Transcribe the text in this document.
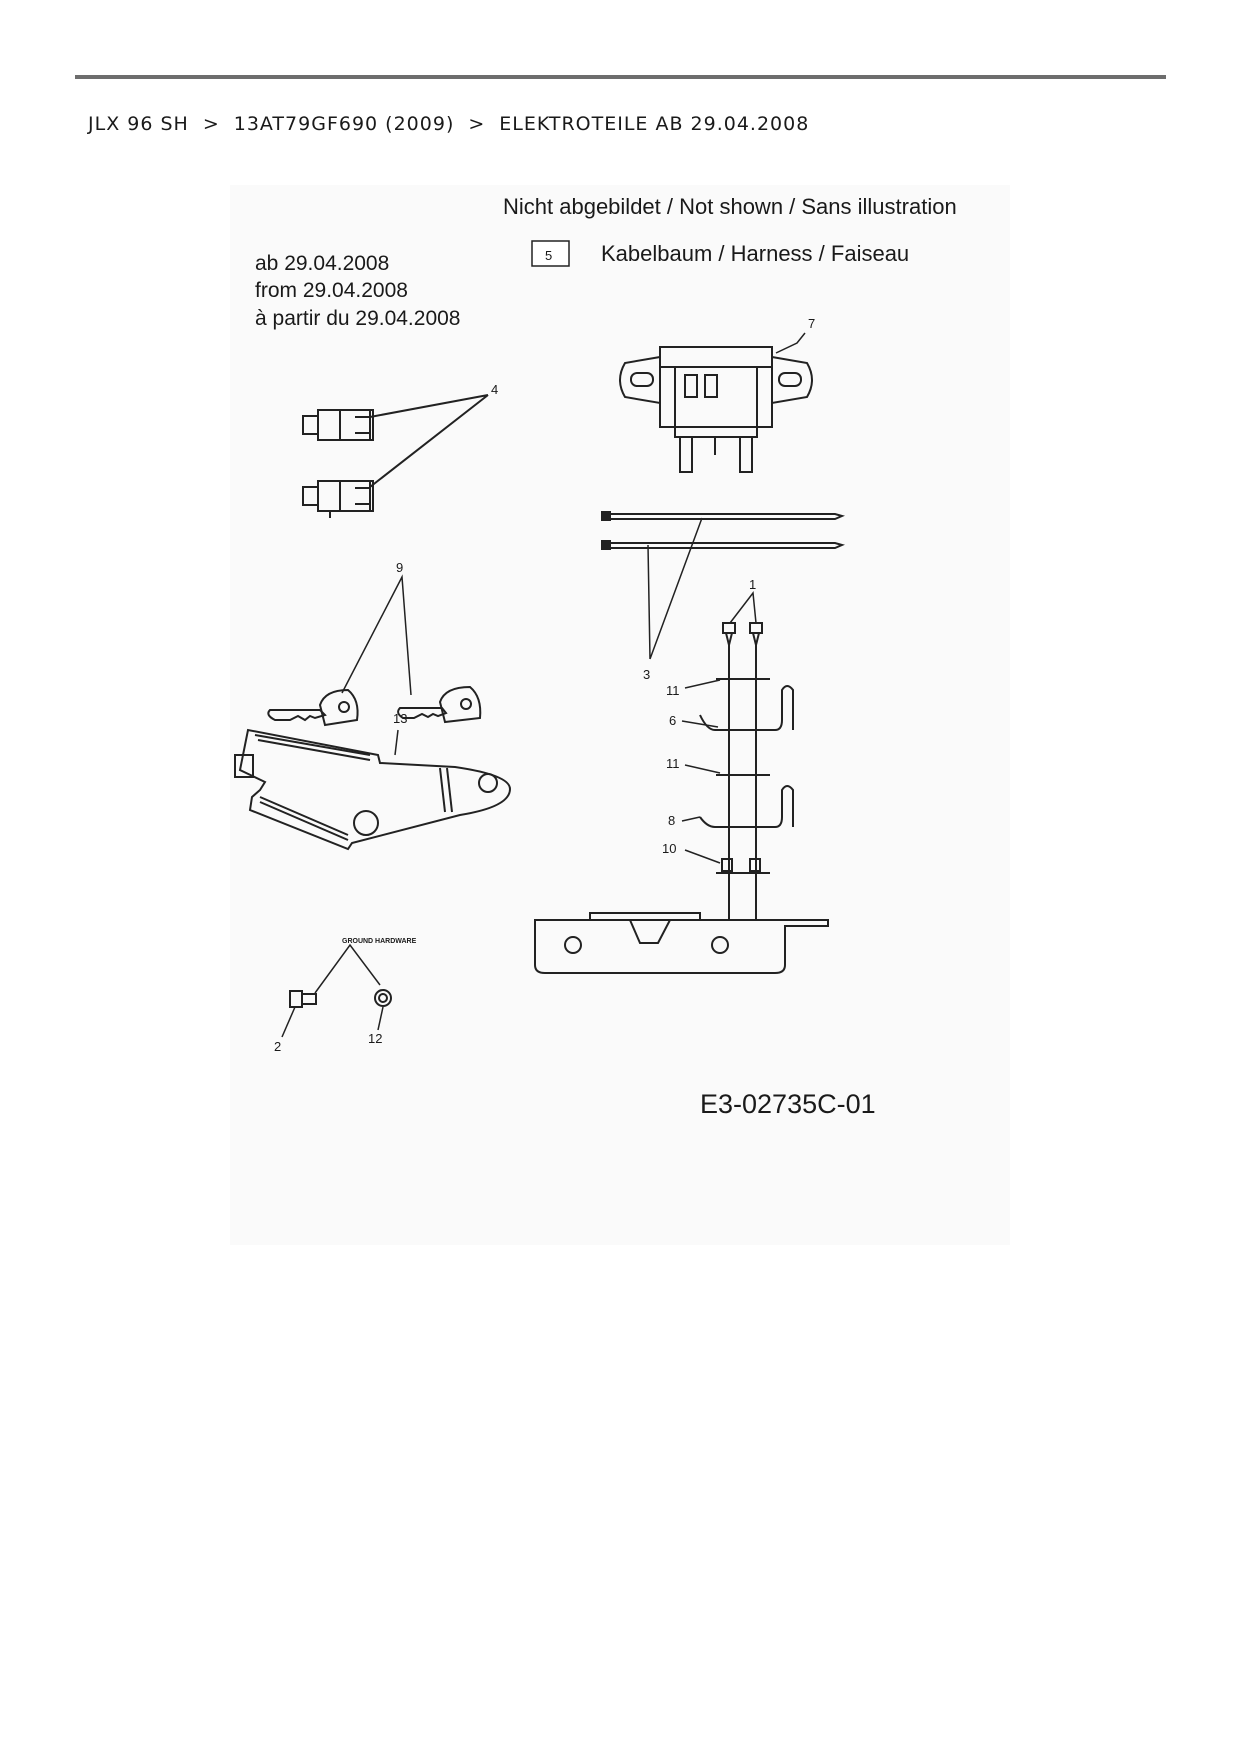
JLX 96 SH > 13AT79GF690 (2009) > ELEKTROTEILE AB 29.04.2008
Nicht abgebildet / Not shown / Sans illustration
5 Kabelbaum / Harness / Faiseau
ab 29.04.2008
from 29.04.2008
à partir du 29.04.2008	7
4
3
9
1
11
6
11
8
10
13
GROUND HARDWARE
2
12
E3-02735C-01
